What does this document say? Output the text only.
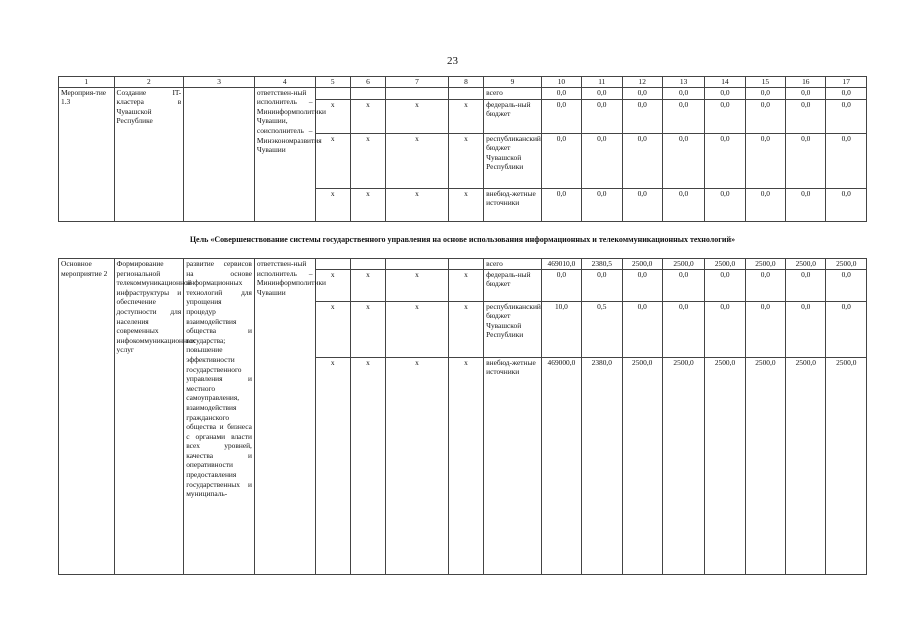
23
1	2	3	4	5	6	7	8	9	10	11	12	13	14	15	16	17
Мероприя-тие 1.3	Создание IT-кластера в Чувашской Республике		ответствен-ный исполнитель – Мининформполитики Чувашии, соисполнитель – Минэкономразвития Чувашии					всего	0,0	0,0	0,0	0,0	0,0	0,0	0,0	0,0
				x	x	x	x	федераль-ный бюджет	0,0	0,0	0,0	0,0	0,0	0,0	0,0	0,0
				x	x	x	x	республиканский бюджет Чувашской Республики	0,0	0,0	0,0	0,0	0,0	0,0	0,0	0,0
				x	x	x	x	внебюд-жетные источники	0,0	0,0	0,0	0,0	0,0	0,0	0,0	0,0
Цель «Совершенствование системы государственного управления на основе использования информационных и телекоммуникационных технологий»
Основное мероприятие 2	Формирование региональной телекоммуникационной инфраструктуры и обеспечение доступности для населения современных инфокоммуникационных услуг	развитие сервисов на основе информационных технологий для упрощения процедур взаимодействия общества и государства; повышение эффективности государственного управления и местного самоуправления, взаимодействия гражданского общества и бизнеса с органами власти всех уровней, качества и оперативности предоставления государственных и муниципаль-	ответствен-ный исполнитель – Мининформполитики Чувашии					всего	469010,0	2380,5	2500,0	2500,0	2500,0	2500,0	2500,0	2500,0
				x	x	x	x	федераль-ный бюджет	0,0	0,0	0,0	0,0	0,0	0,0	0,0	0,0
				x	x	x	x	республиканский бюджет Чувашской Республики	10,0	0,5	0,0	0,0	0,0	0,0	0,0	0,0
				x	x	x	x	внебюд-жетные источники	469000,0	2380,0	2500,0	2500,0	2500,0	2500,0	2500,0	2500,0
